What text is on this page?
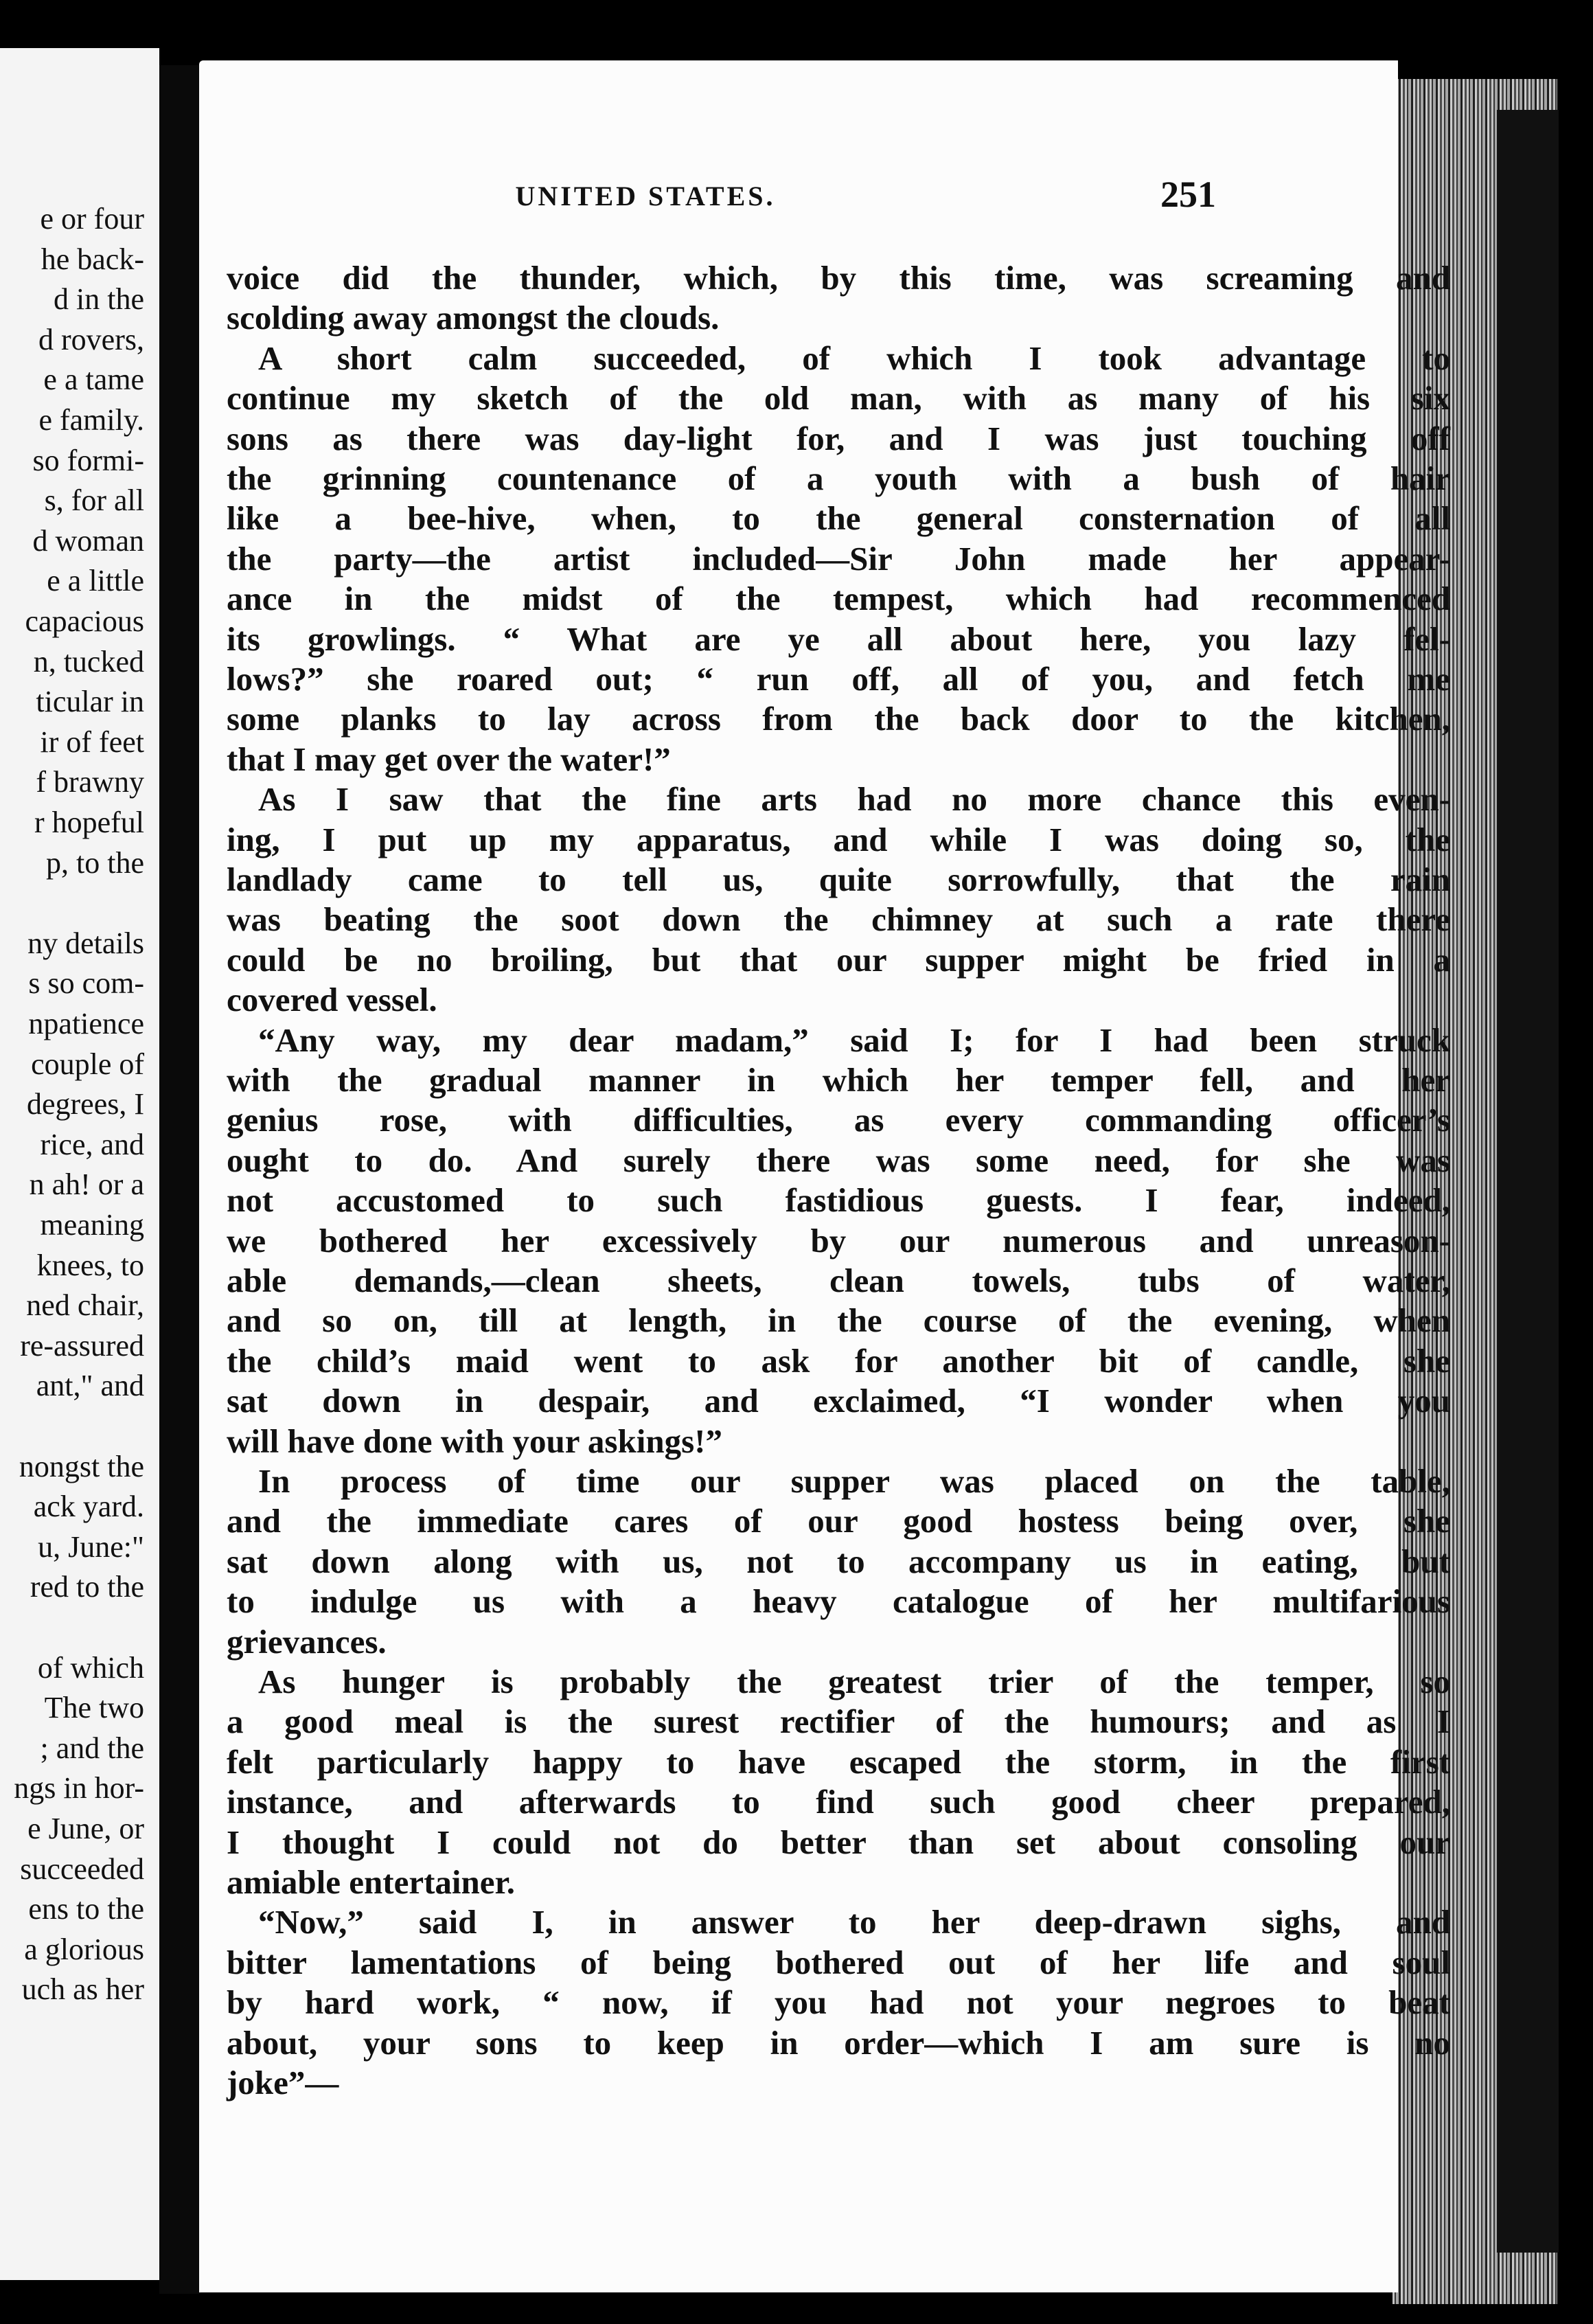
e or four
he back-
d in the
d rovers,
e a tame
e family.
so formi-
s, for all
d woman
e a little
capacious
n, tucked
ticular in
ir of feet
f brawny
r hopeful
p, to the
ny details
s so com-
npatience
couple of
degrees, I
rice, and
n ah! or a
meaning
knees, to
ned chair,
re-assured
ant," and
nongst the
ack yard.
u, June:"
red to the
of which
The two
; and the
ngs in hor-
e June, or
succeeded
ens to the
a glorious
uch as her
UNITED STATES.	251
voice did the thunder, which, by this time, was screaming and
scolding away amongst the clouds.
A short calm succeeded, of which I took advantage to
continue my sketch of the old man, with as many of his six
sons as there was day-light for, and I was just touching off
the grinning countenance of a youth with a bush of hair
like a bee-hive, when, to the general consternation of all
the party—the artist included—Sir John made her appear-
ance in the midst of the tempest, which had recommenced
its growlings. “ What are ye all about here, you lazy fel-
lows?” she roared out; “ run off, all of you, and fetch me
some planks to lay across from the back door to the kitchen,
that I may get over the water!”
As I saw that the fine arts had no more chance this even-
ing, I put up my apparatus, and while I was doing so, the
landlady came to tell us, quite sorrowfully, that the rain
was beating the soot down the chimney at such a rate there
could be no broiling, but that our supper might be fried in a
covered vessel.
“Any way, my dear madam,” said I; for I had been struck
with the gradual manner in which her temper fell, and her
genius rose, with difficulties, as every commanding officer’s
ought to do. And surely there was some need, for she was
not accustomed to such fastidious guests. I fear, indeed,
we bothered her excessively by our numerous and unreason-
able demands,—clean sheets, clean towels, tubs of water,
and so on, till at length, in the course of the evening, when
the child’s maid went to ask for another bit of candle, she
sat down in despair, and exclaimed, “I wonder when you
will have done with your askings!”
In process of time our supper was placed on the table,
and the immediate cares of our good hostess being over, she
sat down along with us, not to accompany us in eating, but
to indulge us with a heavy catalogue of her multifarious
grievances.
As hunger is probably the greatest trier of the temper, so
a good meal is the surest rectifier of the humours; and as I
felt particularly happy to have escaped the storm, in the first
instance, and afterwards to find such good cheer prepared,
I thought I could not do better than set about consoling our
amiable entertainer.
“Now,” said I, in answer to her deep-drawn sighs, and
bitter lamentations of being bothered out of her life and soul
by hard work, “ now, if you had not your negroes to beat
about, your sons to keep in order—which I am sure is no
joke”—
